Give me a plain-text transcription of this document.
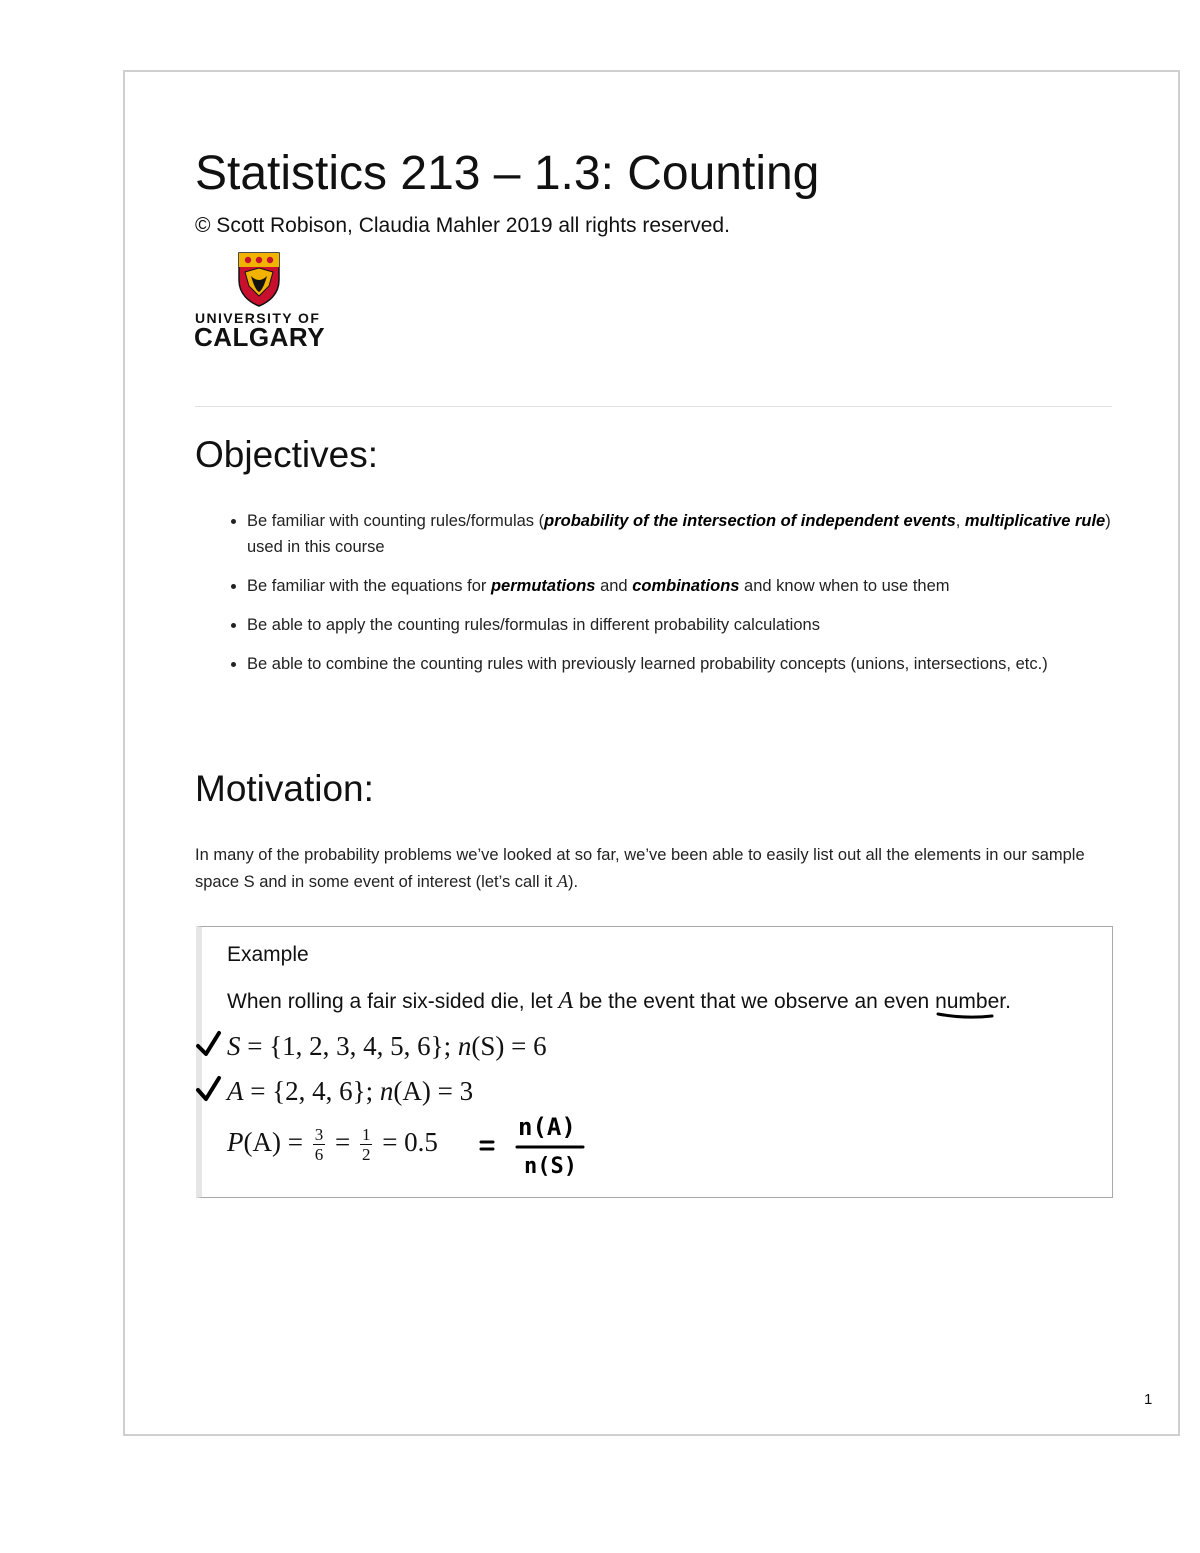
Statistics 213 – 1.3: Counting
© Scott Robison, Claudia Mahler 2019 all rights reserved.
UNIVERSITY OF
CALGARY
Objectives:
• Be familiar with counting rules/formulas (probability of the intersection of independent events, multiplicative rule) used in this course
• Be familiar with the equations for permutations and combinations and know when to use them
• Be able to apply the counting rules/formulas in different probability calculations
• Be able to combine the counting rules with previously learned probability concepts (unions, intersections, etc.)
Motivation:
In many of the probability problems we’ve looked at so far, we’ve been able to easily list out all the elements in our sample space S and in some event of interest (let’s call it A).
Example
When rolling a fair six-sided die, let A be the event that we observe an even number.
S = {1, 2, 3, 4, 5, 6}; n(S) = 6
A = {2, 4, 6}; n(A) = 3
$P(A) = \frac{3}{6} = \frac{1}{2} = 0.5$	n(A)
n(S)
1
